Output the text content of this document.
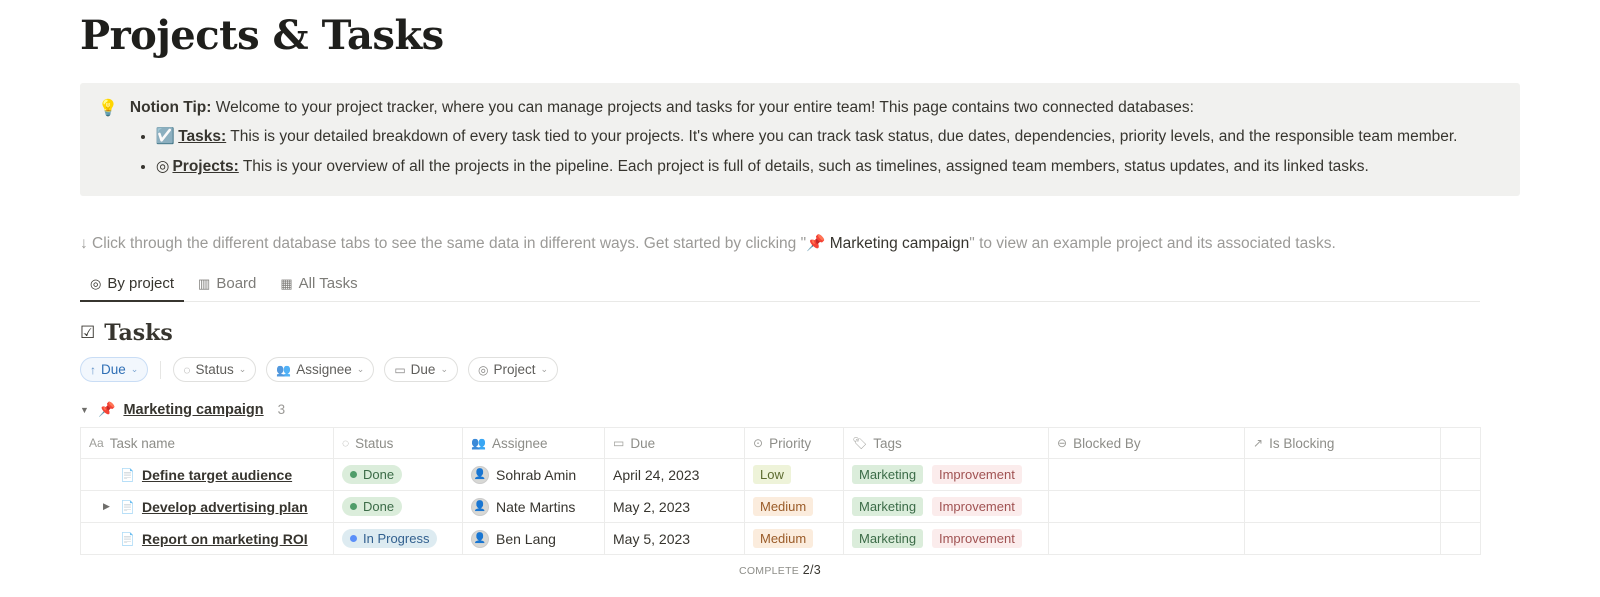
Projects & Tasks
💡 Notion Tip: Welcome to your project tracker, where you can manage projects and tasks for your entire team! This page contains two connected databases:
• ☑️ Tasks: This is your detailed breakdown of every task tied to your projects. It's where you can track task status, due dates, dependencies, priority levels, and the responsible team member.
• ◎ Projects: This is your overview of all the projects in the pipeline. Each project is full of details, such as timelines, assigned team members, status updates, and its linked tasks.
↓ Click through the different database tabs to see the same data in different ways. Get started by clicking "📌 Marketing campaign" to view an example project and its associated tasks.
◎ By project ▥ Board ▦ All Tasks
☑ Tasks
↑ Due ⌄	◌ Status ⌄	👥 Assignee ⌄	▭ Due ⌄	◎ Project ⌄
▼ 📌 Marketing campaign 3
Aa Task name	◌ Status	👥 Assignee	▭ Due	⊙ Priority	🏷 Tags	⊖ Blocked By	↗ Is Blocking	

📄 Define target audience	Done	👤 Sohrab Amin	April 24, 2023	Low	Marketing Improvement			

▶ 📄 Develop advertising plan	Done	👤 Nate Martins	May 2, 2023	Medium	Marketing Improvement			

📄 Report on marketing ROI	In Progress	👤 Ben Lang	May 5, 2023	Medium	Marketing Improvement			
COMPLETE 2/3
